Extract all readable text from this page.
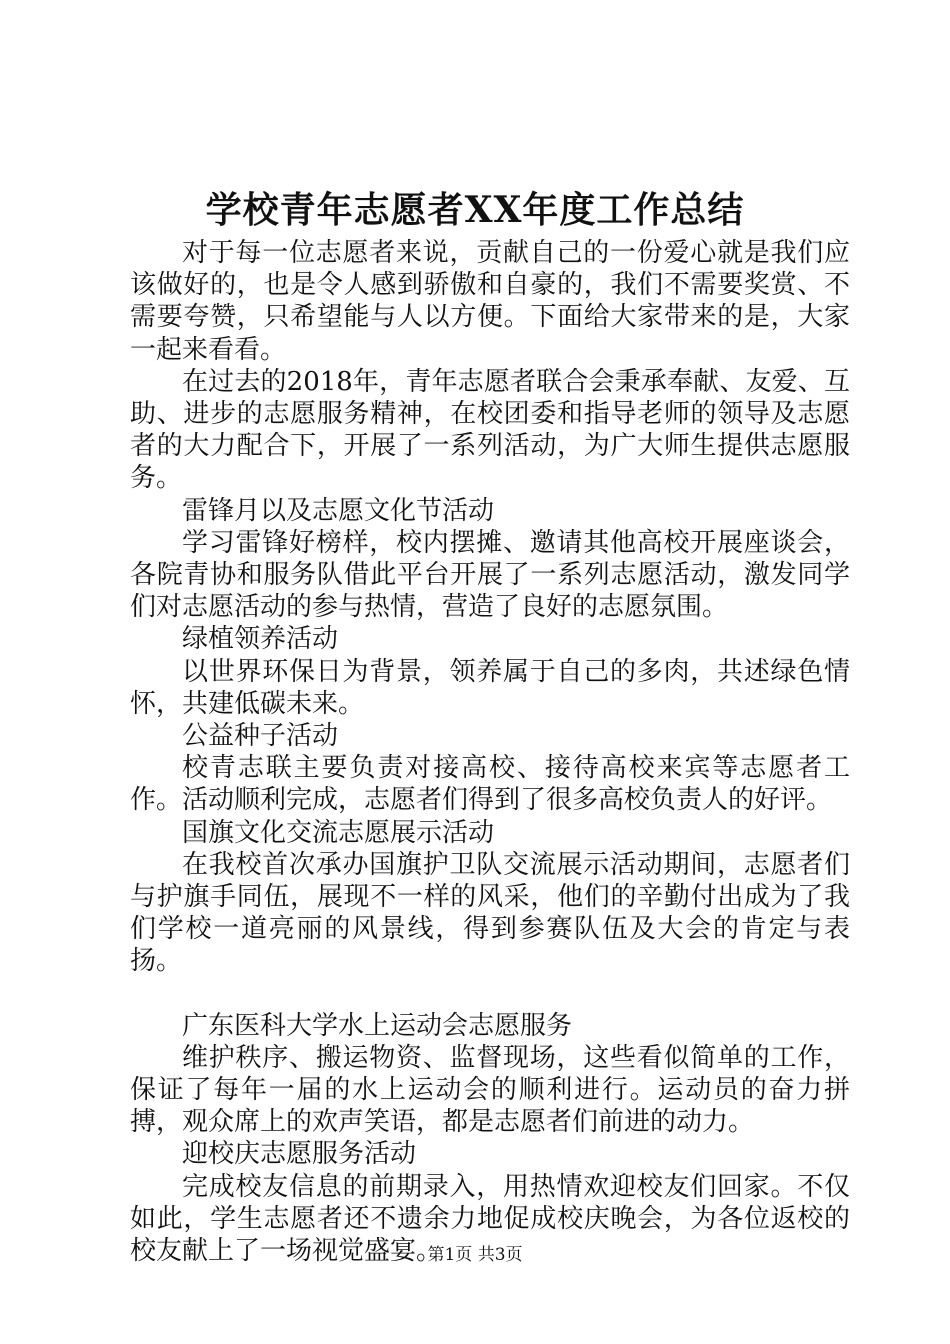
学校青年志愿者XX年度工作总结

对于每一位志愿者来说，贡献自己的一份爱心就是我们应该做好的，也是令人感到骄傲和自豪的，我们不需要奖赏、不需要夸赞，只希望能与人以方便。下面给大家带来的是，大家一起来看看。

在过去的2018年，青年志愿者联合会秉承奉献、友爱、互助、进步的志愿服务精神，在校团委和指导老师的领导及志愿者的大力配合下，开展了一系列活动，为广大师生提供志愿服务。

雷锋月以及志愿文化节活动

学习雷锋好榜样，校内摆摊、邀请其他高校开展座谈会，各院青协和服务队借此平台开展了一系列志愿活动，激发同学们对志愿活动的参与热情，营造了良好的志愿氛围。

绿植领养活动

以世界环保日为背景，领养属于自己的多肉，共述绿色情怀，共建低碳未来。

公益种子活动

校青志联主要负责对接高校、接待高校来宾等志愿者工作。活动顺利完成，志愿者们得到了很多高校负责人的好评。

国旗文化交流志愿展示活动

在我校首次承办国旗护卫队交流展示活动期间，志愿者们与护旗手同伍，展现不一样的风采，他们的辛勤付出成为了我们学校一道亮丽的风景线，得到参赛队伍及大会的肯定与表扬。

广东医科大学水上运动会志愿服务

维护秩序、搬运物资、监督现场，这些看似简单的工作，保证了每年一届的水上运动会的顺利进行。运动员的奋力拼搏，观众席上的欢声笑语，都是志愿者们前进的动力。

迎校庆志愿服务活动

完成校友信息的前期录入，用热情欢迎校友们回家。不仅如此，学生志愿者还不遗余力地促成校庆晚会，为各位返校的校友献上了一场视觉盛宴。

第1页 共3页
